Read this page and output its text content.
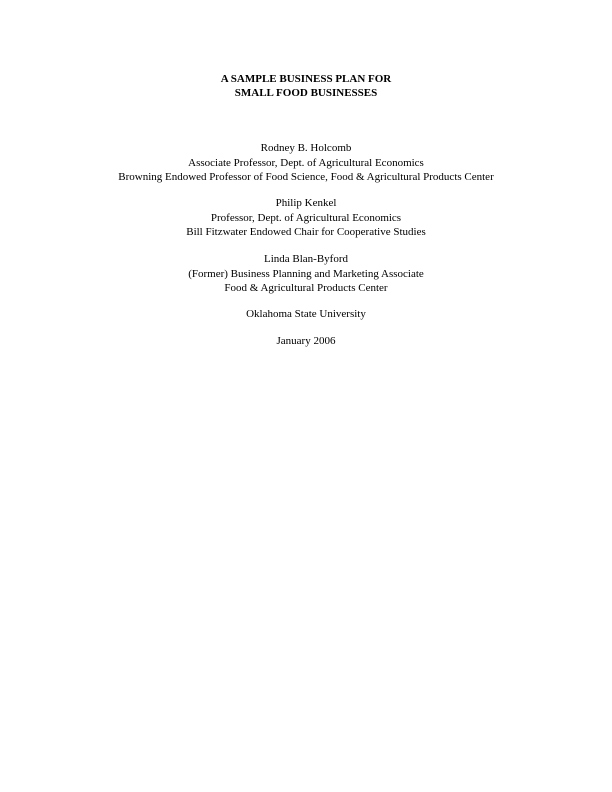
A SAMPLE BUSINESS PLAN FOR
SMALL FOOD BUSINESSES
Rodney B. Holcomb
Associate Professor, Dept. of Agricultural Economics
Browning Endowed Professor of Food Science, Food & Agricultural Products Center
Philip Kenkel
Professor, Dept. of Agricultural Economics
Bill Fitzwater Endowed Chair for Cooperative Studies
Linda Blan-Byford
(Former) Business Planning and Marketing Associate
Food & Agricultural Products Center
Oklahoma State University
January 2006
